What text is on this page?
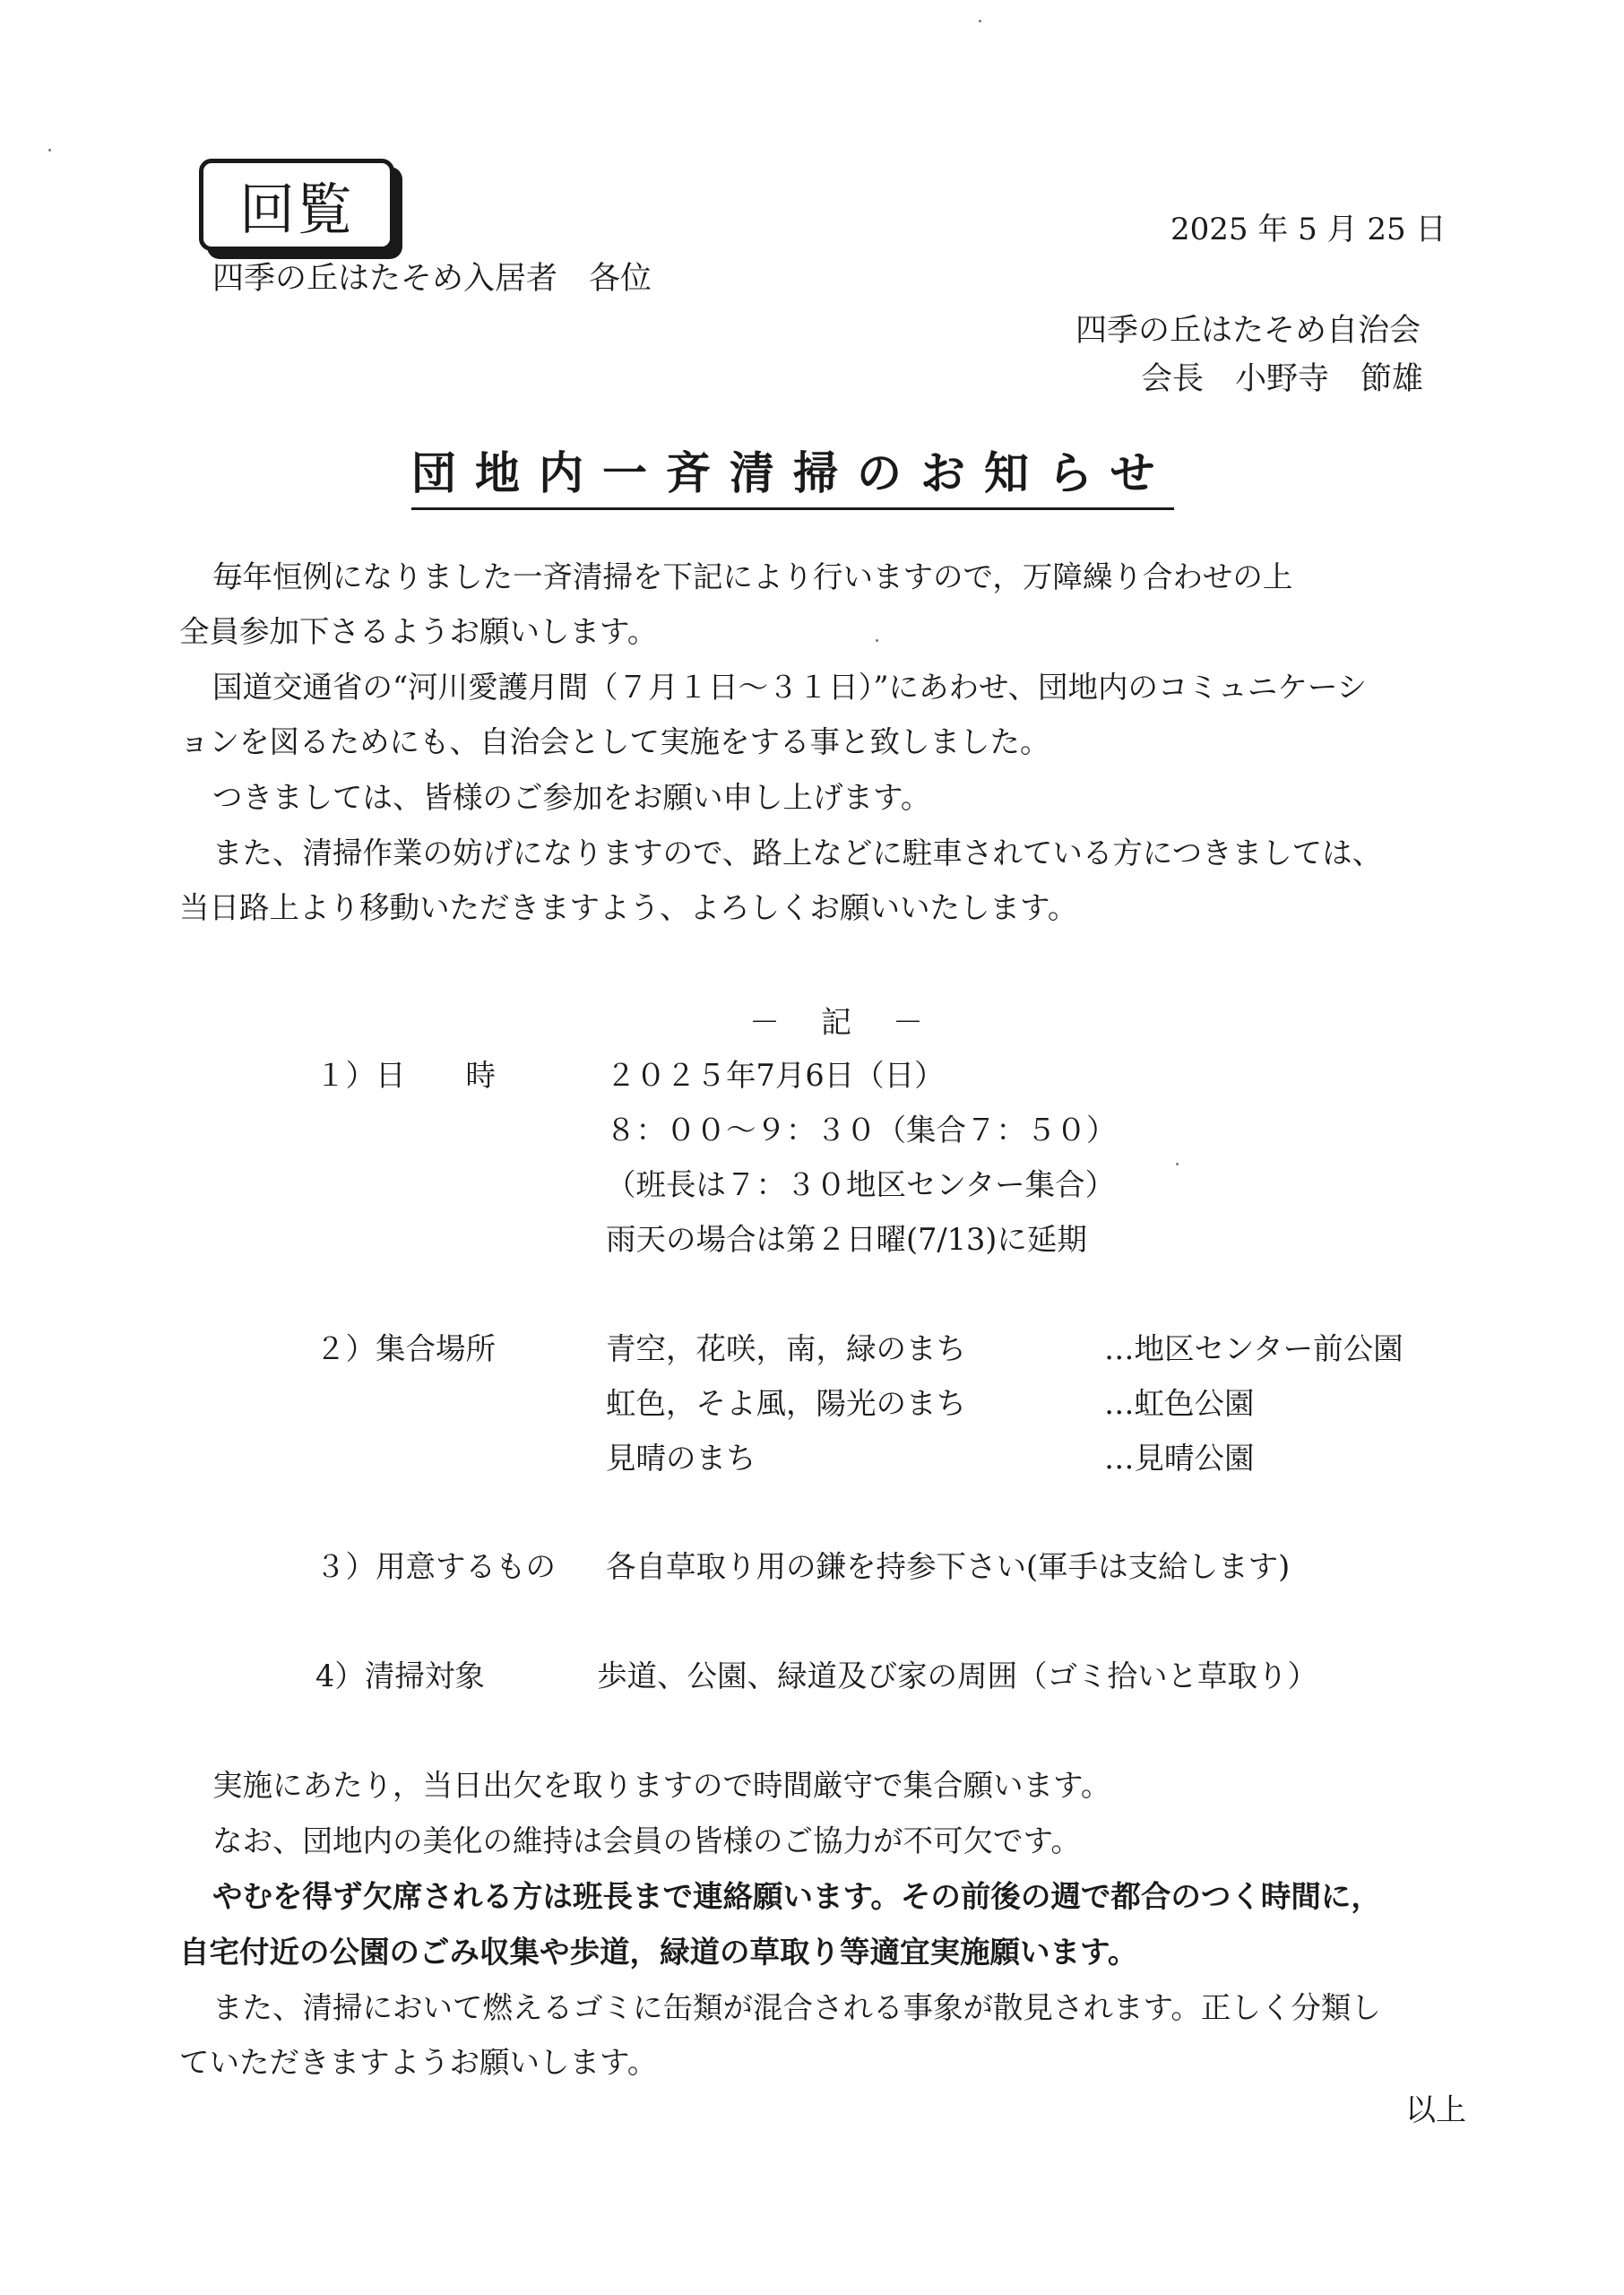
回覧	2025 年 5 月 25 日
四季の丘はたそめ入居者　各位
四季の丘はたそめ自治会
会長　小野寺　節雄
団地内一斉清掃のお知らせ
毎年恒例になりました一斉清掃を下記により行いますので，万障繰り合わせの上
全員参加下さるようお願いします。
国道交通省の“河川愛護月間（７月１日～３１日）”にあわせ、団地内のコミュニケーシ
ョンを図るためにも、自治会として実施をする事と致しました。
つきましては、皆様のご参加をお願い申し上げます。
また、清掃作業の妨げになりますので、路上などに駐車されている方につきましては、
当日路上より移動いただきますよう、よろしくお願いいたします。
－　記　－
１）日　　時	２０２５年7月6日（日）
８：００～９：３０（集合７：５０）
（班長は７：３０地区センター集合）
雨天の場合は第２日曜(7/13)に延期
２）集合場所	青空，花咲，南，緑のまち	…地区センター前公園
虹色，そよ風，陽光のまち	…虹色公園
見晴のまち	…見晴公園
３）用意するもの 各自草取り用の鎌を持参下さい(軍手は支給します)
4）清掃対象	歩道、公園、緑道及び家の周囲（ゴミ拾いと草取り）
実施にあたり，当日出欠を取りますので時間厳守で集合願います。
なお、団地内の美化の維持は会員の皆様のご協力が不可欠です。
やむを得ず欠席される方は班長まで連絡願います。その前後の週で都合のつく時間に，
自宅付近の公園のごみ収集や歩道，緑道の草取り等適宜実施願います。
また、清掃において燃えるゴミに缶類が混合される事象が散見されます。正しく分類し
ていただきますようお願いします。
以上
